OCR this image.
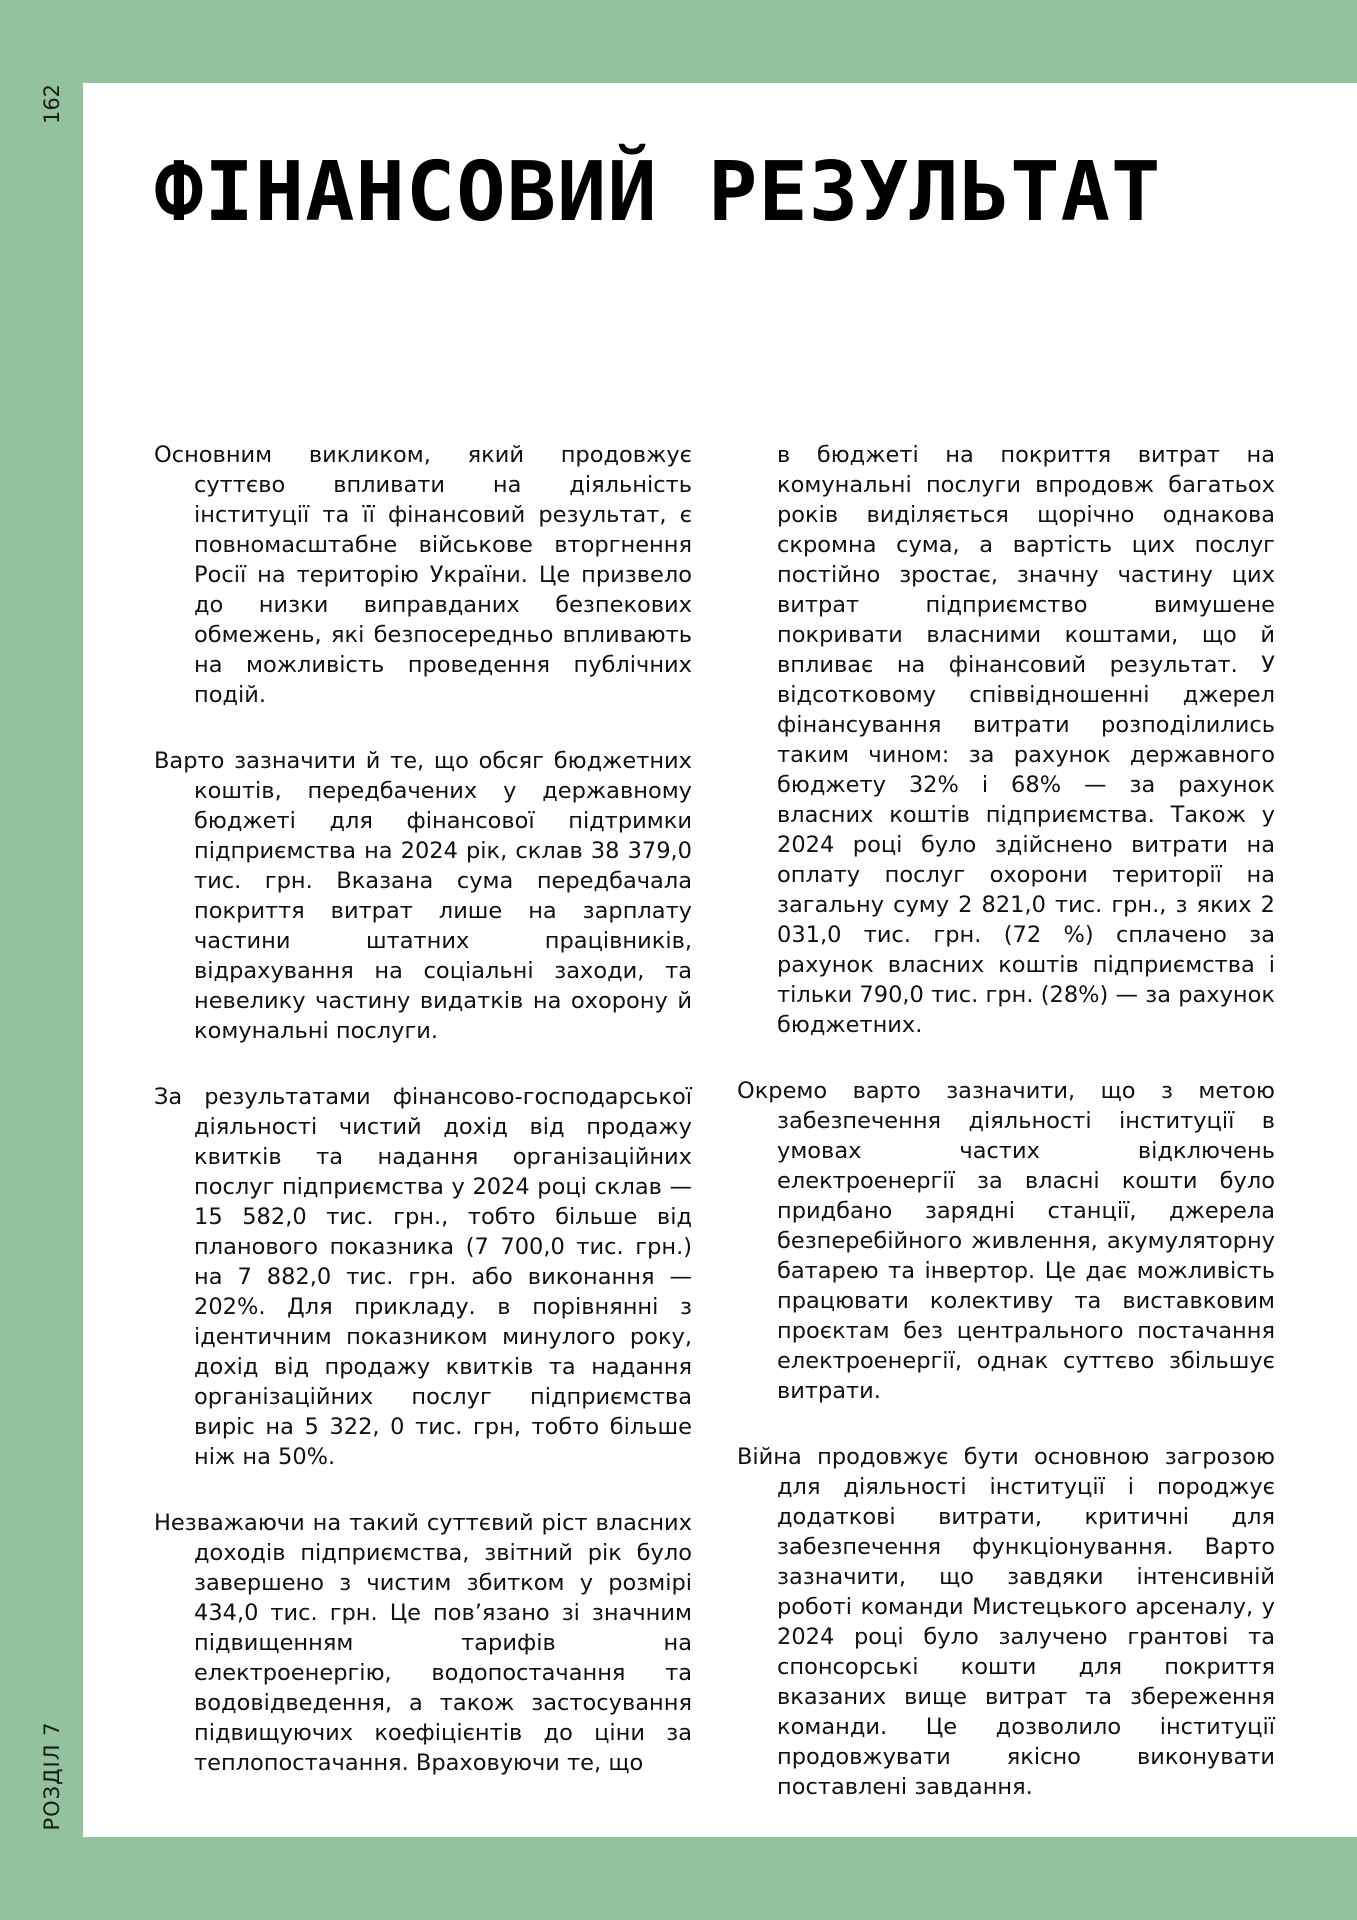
162
РОЗДІЛ 7
ФІНАНСОВИЙ РЕЗУЛЬТАТ

Основним викликом, який продовжує суттєво впливати на діяльність інституції та її фінансовий результат, є повномасштабне військове вторгнення Росії на територію України. Це призвело до низки виправданих безпекових обмежень, які безпосередньо впливають на можливість проведення публічних подій.

Варто зазначити й те, що обсяг бюджетних коштів, передбачених у державному бюджеті для фінансової підтримки підприємства на 2024 рік, склав 38 379,0 тис. грн. Вказана сума передбачала покриття витрат лише на зарплату частини штатних працівників, відрахування на соціальні заходи, та невелику частину видатків на охорону й комунальні послуги.

За результатами фінансово-господарської діяльності чистий дохід від продажу квитків та надання організаційних послуг підприємства у 2024 році склав — 15 582,0 тис. грн., тобто більше від планового показника (7 700,0 тис. грн.) на 7 882,0 тис. грн. або виконання — 202%. Для прикладу. в порівнянні з ідентичним показником минулого року, дохід від продажу квитків та надання організаційних послуг підприємства виріс на 5 322, 0 тис. грн, тобто більше ніж на 50%.

Незважаючи на такий суттєвий ріст власних доходів підприємства, звітний рік було завершено з чистим збитком у розмірі 434,0 тис. грн. Це пов’язано зі значним підвищенням тарифів на електроенергію, водопостачання та водовідведення, а також застосування підвищуючих коефіцієнтів до ціни за теплопостачання. Враховуючи те, що

в бюджеті на покриття витрат на комунальні послуги впродовж багатьох років виділяється щорічно однакова скромна сума, а вартість цих послуг постійно зростає, значну частину цих витрат підприємство вимушене покривати власними коштами, що й впливає на фінансовий результат. У відсотковому співвідношенні джерел фінансування витрати розподілились таким чином: за рахунок державного бюджету 32% і 68% — за рахунок власних коштів підприємства. Також у 2024 році було здійснено витрати на оплату послуг охорони території на загальну суму 2 821,0 тис. грн., з яких 2 031,0 тис. грн. (72 %) сплачено за рахунок власних коштів підприємства і тільки 790,0 тис. грн. (28%) — за рахунок бюджетних.

Окремо варто зазначити, що з метою забезпечення діяльності інституції в умовах частих відключень електроенергії за власні кошти було придбано зарядні станції, джерела безперебійного живлення, акумуляторну батарею та інвертор. Це дає можливість працювати колективу та виставковим проєктам без центрального постачання електроенергії, однак суттєво збільшує витрати.

Війна продовжує бути основною загрозою для діяльності інституції і породжує додаткові витрати, критичні для забезпечення функціонування. Варто зазначити, що завдяки інтенсивній роботі команди Мистецького арсеналу, у 2024 році було залучено грантові та спонсорські кошти для покриття вказаних вище витрат та збереження команди. Це дозволило інституції продовжувати якісно виконувати поставлені завдання.
